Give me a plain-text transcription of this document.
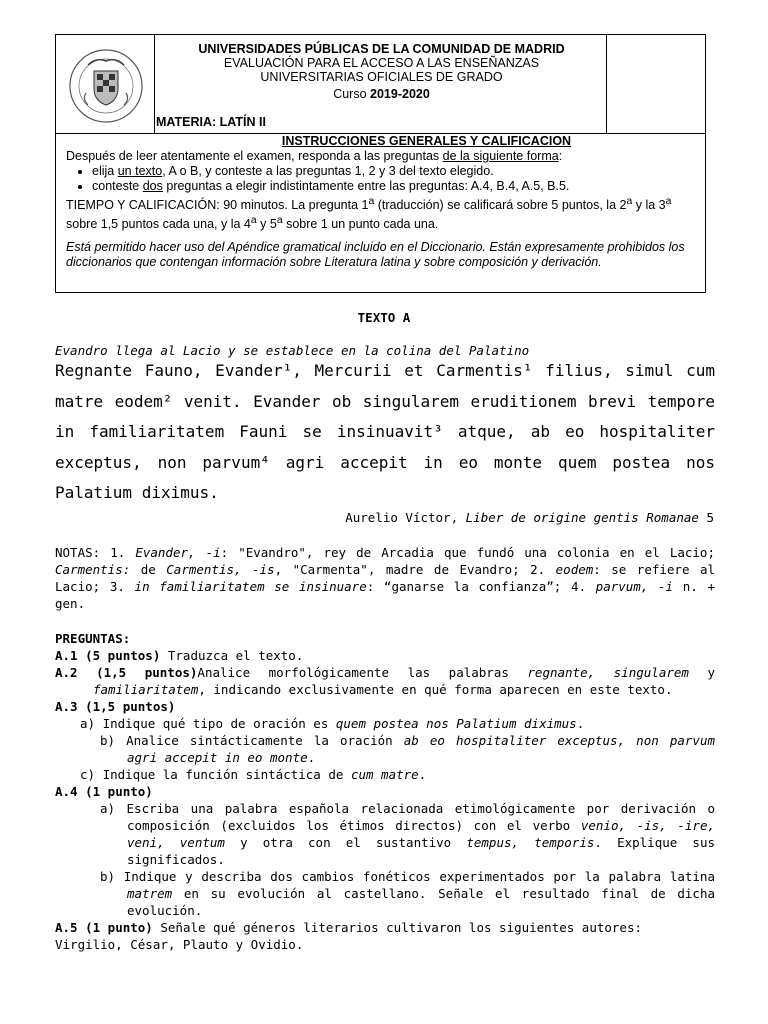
UNIVERSIDADES PÚBLICAS DE LA COMUNIDAD DE MADRID
EVALUACIÓN PARA EL ACCESO A LAS ENSEÑANZAS
UNIVERSITARIAS OFICIALES DE GRADO
Curso 2019-2020
MATERIA: LATÍN II
INSTRUCCIONES GENERALES Y CALIFICACION
Después de leer atentamente el examen, responda a las preguntas de la siguiente forma:
• elija un texto, A o B, y conteste a las preguntas 1, 2 y 3 del texto elegido.
• conteste dos preguntas a elegir indistintamente entre las preguntas: A.4, B.4, A.5, B.5.
TIEMPO Y CALIFICACIÓN: 90 minutos. La pregunta 1$^a$ (traducción) se calificará sobre 5 puntos, la 2$^a$ y la 3$^a$ sobre 1,5 puntos cada una, y la 4$^a$ y 5$^a$ sobre 1 un punto cada una.
Está permitido hacer uso del Apéndice gramatical incluido en el Diccionario. Están expresamente prohibidos los diccionarios que contengan información sobre Literatura latina y sobre composición y derivación.
TEXTO A
Evandro llega al Lacio y se establece en la colina del Palatino
Regnante Fauno, Evander¹, Mercurii et Carmentis¹ filius, simul cum matre eodem² venit. Evander ob singularem eruditionem brevi tempore in familiaritatem Fauni se insinuavit³ atque, ab eo hospitaliter exceptus, non parvum⁴ agri accepit in eo monte quem postea nos Palatium diximus.
Aurelio Víctor, Liber de origine gentis Romanae 5
NOTAS: 1. Evander, -i: "Evandro", rey de Arcadia que fundó una colonia en el Lacio; Carmentis: de Carmentis, -is, "Carmenta", madre de Evandro; 2. eodem: se refiere al Lacio; 3. in familiaritatem se insinuare: “ganarse la confianza”; 4. parvum, -i n. + gen.

PREGUNTAS:

A.1 (5 puntos) Traduzca el texto.

A.2 (1,5 puntos)Analice morfológicamente las palabras regnante, singularem y familiaritatem, indicando exclusivamente en qué forma aparecen en este texto.

A.3 (1,5 puntos)

a) Indique qué tipo de oración es quem postea nos Palatium diximus.

b) Analice sintácticamente la oración ab eo hospitaliter exceptus, non parvum agri accepit in eo monte.

c) Indique la función sintáctica de cum matre.

A.4 (1 punto)

a) Escriba una palabra española relacionada etimológicamente por derivación o composición (excluidos los étimos directos) con el verbo venio, -is, -ire, veni, ventum y otra con el sustantivo tempus, temporis. Explique sus significados.

b) Indique y describa dos cambios fonéticos experimentados por la palabra latina matrem en su evolución al castellano. Señale el resultado final de dicha evolución.

A.5 (1 punto) Señale qué géneros literarios cultivaron los siguientes autores: Virgilio, César, Plauto y Ovidio.
